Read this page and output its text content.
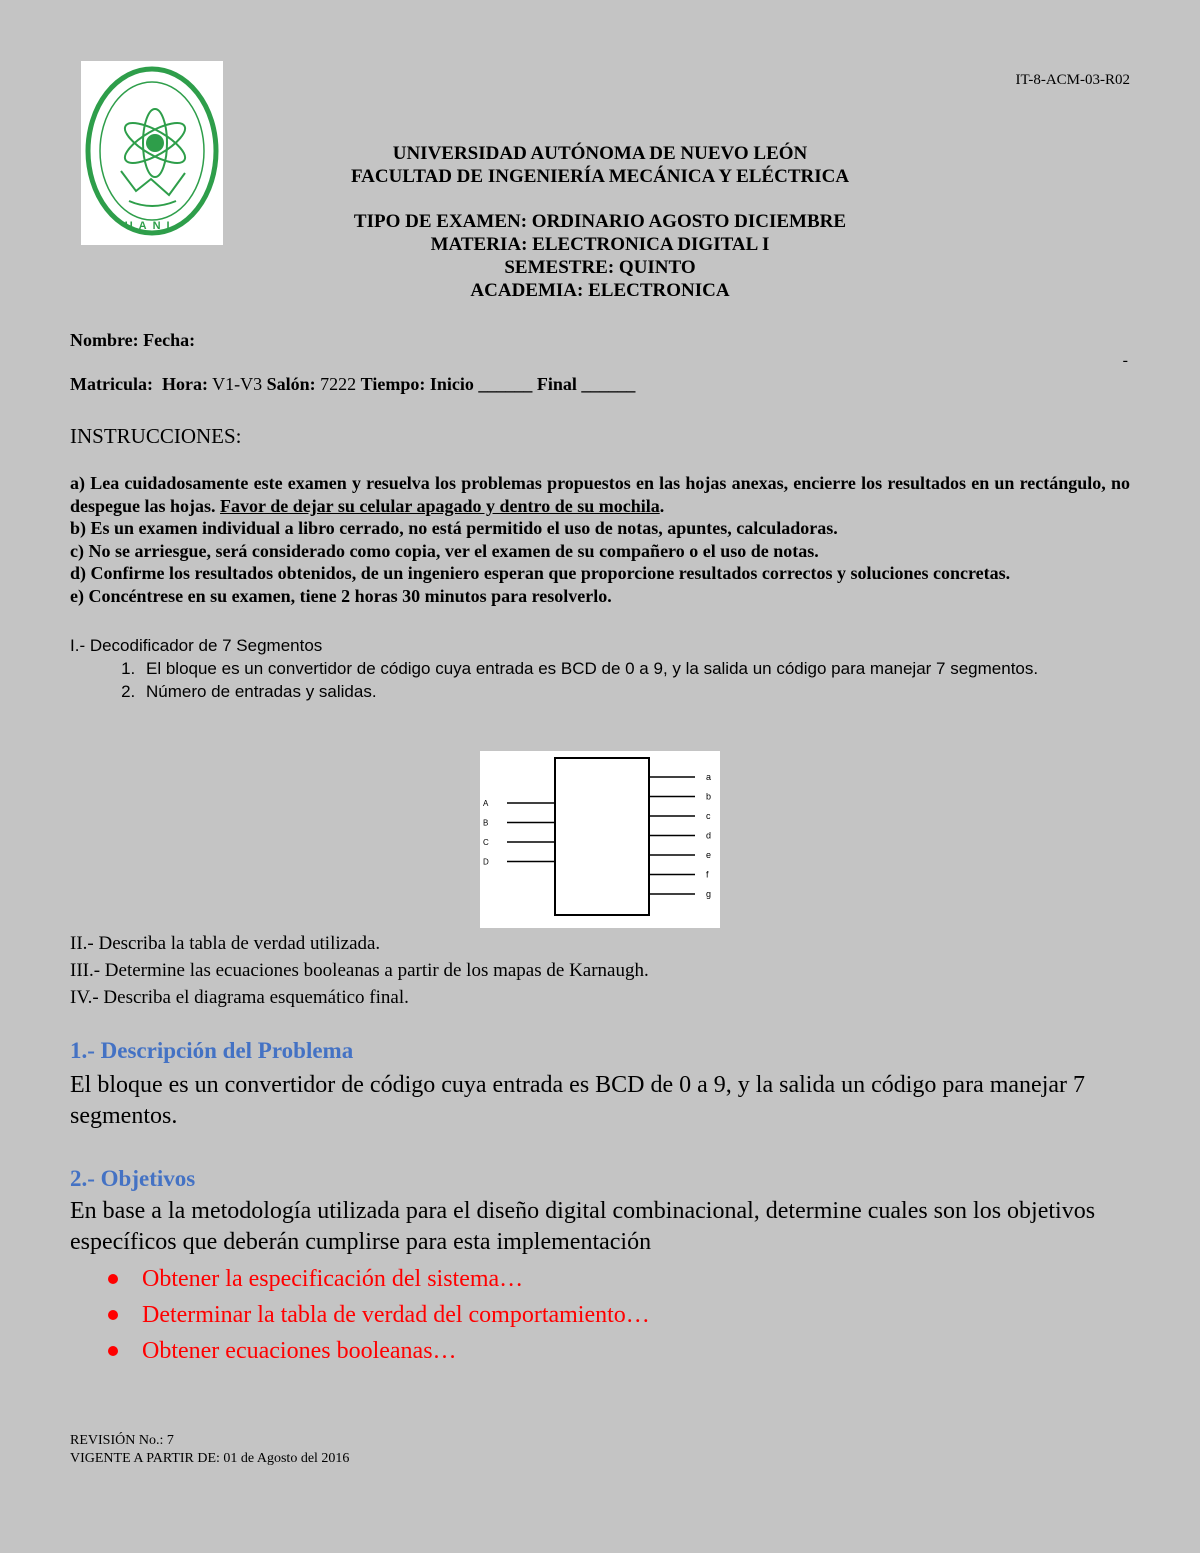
UANL
IT-8-ACM-03-R02
UNIVERSIDAD AUTÓNOMA DE NUEVO LEÓN
FACULTAD DE INGENIERÍA MECÁNICA Y ELÉCTRICA
TIPO DE EXAMEN: ORDINARIO AGOSTO DICIEMBRE
MATERIA: ELECTRONICA DIGITAL I
SEMESTRE: QUINTO
ACADEMIA: ELECTRONICA
Nombre: Fecha:
-
Matricula: Hora: V1-V3 Salón: 7222 Tiempo: Inicio ______ Final ______
INSTRUCCIONES:

a) Lea cuidadosamente este examen y resuelva los problemas propuestos en las hojas anexas, encierre los resultados en un rectángulo, no despegue las hojas. Favor de dejar su celular apagado y dentro de su mochila.

b) Es un examen individual a libro cerrado, no está permitido el uso de notas, apuntes, calculadoras.

c) No se arriesgue, será considerado como copia, ver el examen de su compañero o el uso de notas.

d) Confirme los resultados obtenidos, de un ingeniero esperan que proporcione resultados correctos y soluciones concretas.

e) Concéntrese en su examen, tiene 2 horas 30 minutos para resolverlo.

I.- Decodificador de 7 Segmentos
1. El bloque es un convertidor de código cuya entrada es BCD de 0 a 9, y la salida un código para manejar 7 segmentos.
2. Número de entradas y salidas.
A
B
C
D
a
b
c
d
e
f
g

II.- Describa la tabla de verdad utilizada.

III.- Determine las ecuaciones booleanas a partir de los mapas de Karnaugh.

IV.- Describa el diagrama esquemático final.

1.- Descripción del Problema
El bloque es un convertidor de código cuya entrada es BCD de 0 a 9, y la salida un código para manejar 7 segmentos.
2.- Objetivos
En base a la metodología utilizada para el diseño digital combinacional, determine cuales son los objetivos específicos que deberán cumplirse para esta implementación
Obtener la especificación del sistema…
Determinar la tabla de verdad del comportamiento…
Obtener ecuaciones booleanas…
REVISIÓN No.: 7
VIGENTE A PARTIR DE: 01 de Agosto del 2016
